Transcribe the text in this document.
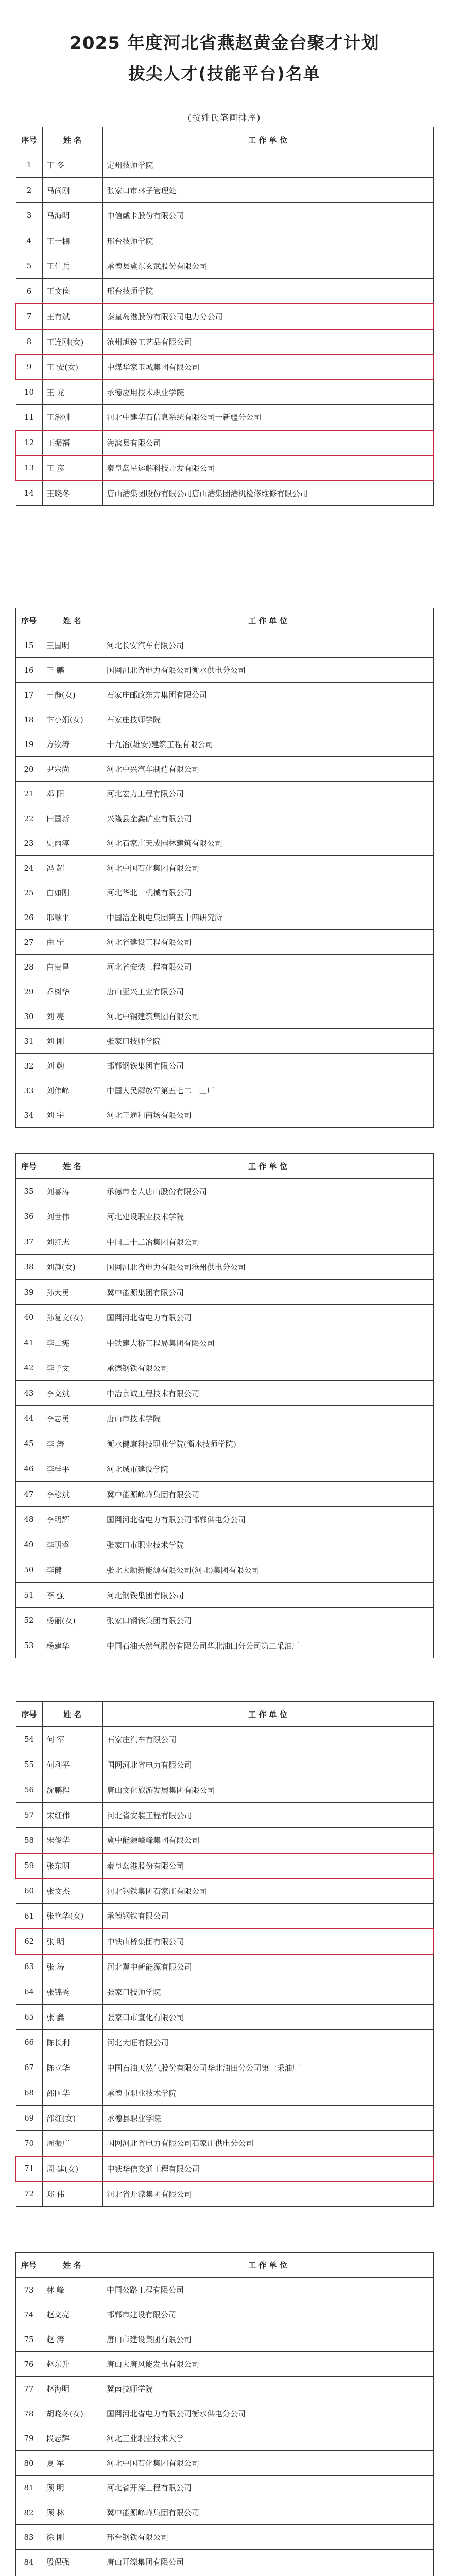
2025 年度河北省燕赵黄金台聚才计划
拔尖人才(技能平台)名单
(按姓氏笔画排序)
序号	姓 名	工 作 单 位
1	丁 冬	定州技师学院
2	马尚刚	张家口市林子管理处
3	马海明	中信戴卡股份有限公司
4	王一棚	邢台技师学院
5	王仕兵	承德县冀东玄武股份有限公司
6	王文俭	邢台技师学院
7	王有斌	秦皇岛港股份有限公司电力分公司
8	王连刚(女)	沧州旭锐工艺品有限公司
9	王 安(女)	中煤华家玉城集团有限公司
10	王 龙	承德应用技术职业学院
11	王治刚	河北中建华石信息系统有限公司一新疆分公司
12	王振福	海滨县有限公司
13	王 彦	秦皇岛星运解科技开发有限公司
14	王晓冬	唐山港集团股份有限公司唐山港集团港机检修维修有限公司
序号	姓 名	工 作 单 位
15	王国明	河北长安汽车有限公司
16	王 鹏	国网河北省电力有限公司衡水供电分公司
17	王静(女)	石家庄邮政东方集团有限公司
18	卞小娟(女)	石家庄技师学院
19	方钦涛	十九冶(雄安)建筑工程有限公司
20	尹宗尚	河北中兴汽车制造有限公司
21	邓 阳	河北宏力工程有限公司
22	田国新	兴隆县金鑫矿业有限公司
23	史雨淳	河北石家庄天成园林建筑有限公司
24	冯 超	河北中国石化集团有限公司
25	白如刚	河北华北一机械有限公司
26	邢顺平	中国冶金机电集团第五十四研究所
27	曲 宁	河北省建设工程有限公司
28	白贵昌	河北省安装工程有限公司
29	乔树华	唐山亚兴工业有限公司
30	刘 亮	河北中钢建筑集团有限公司
31	刘 刚	张家口技师学院
32	刘 勋	邯郸钢铁集团有限公司
33	刘伟峰	中国人民解放军第五七二一工厂
34	刘 宇	河北正通和商场有限公司
序号	姓 名	工 作 单 位
35	刘喜涛	承德市南人唐山股份有限公司
36	刘世伟	河北建设职业技术学院
37	刘红志	中国二十二冶集团有限公司
38	刘静(女)	国网河北省电力有限公司沧州供电分公司
39	孙大勇	冀中能源集团有限公司
40	孙复文(女)	国网河北省电力有限公司
41	李二宪	中铁建大桥工程局集团有限公司
42	李子文	承德钢铁有限公司
43	李文斌	中冶京诚工程技术有限公司
44	李志勇	唐山市技术学院
45	李 涛	衡水健康科技职业学院(衡水技师学院)
46	李桂平	河北城市建设学院
47	李松斌	冀中能源峰峰集团有限公司
48	李明辉	国网河北省电力有限公司邯郸供电分公司
49	李明睿	张家口市职业技术学院
50	李健	张北大顺新能源有限公司(河北)集团有限公司
51	李 强	河北钢铁集团有限公司
52	杨丽(女)	张家口钢铁集团有限公司
53	杨建华	中国石油天然气股份有限公司华北油田分公司第二采油厂
序号	姓 名	工 作 单 位
54	何 军	石家庄汽车有限公司
55	何利平	国网河北省电力有限公司
56	沈鹏程	唐山文化旅游发展集团有限公司
57	宋红伟	河北省安装工程有限公司
58	宋俊华	冀中能源峰峰集团有限公司
59	张东明	秦皇岛港股份有限公司
60	张文杰	河北钢铁集团石家庄有限公司
61	张艳华(女)	承德钢铁有限公司
62	张 明	中铁山桥集团有限公司
63	张 涛	河北冀中新能源有限公司
64	张锦秀	张家口技师学院
65	张 鑫	张家口市宣化有限公司
66	陈长利	河北大旺有限公司
67	陈立华	中国石油天然气股份有限公司华北油田分公司第一采油厂
68	邵国华	承德市职业技术学院
69	邵红(女)	承德县职业学院
70	周振广	国网河北省电力有限公司石家庄供电分公司
71	周 建(女)	中铁华信交通工程有限公司
72	郑 伟	河北省开滦集团有限公司
序号	姓 名	工 作 单 位
73	林 峰	中国公路工程有限公司
74	赵文亮	邯郸市建设有限公司
75	赵 涛	唐山市建设集团有限公司
76	赵东升	唐山大唐风能发电有限公司
77	赵海明	冀南技师学院
78	胡晓冬(女)	国网河北省电力有限公司衡水供电分公司
79	段志辉	河北工业职业技术大学
80	夏 军	河北中国石化集团有限公司
81	顾 明	河北省开滦工程有限公司
82	顾 林	冀中能源峰峰集团有限公司
83	徐 刚	邢台钢铁有限公司
84	殷保强	唐山开滦集团有限公司
